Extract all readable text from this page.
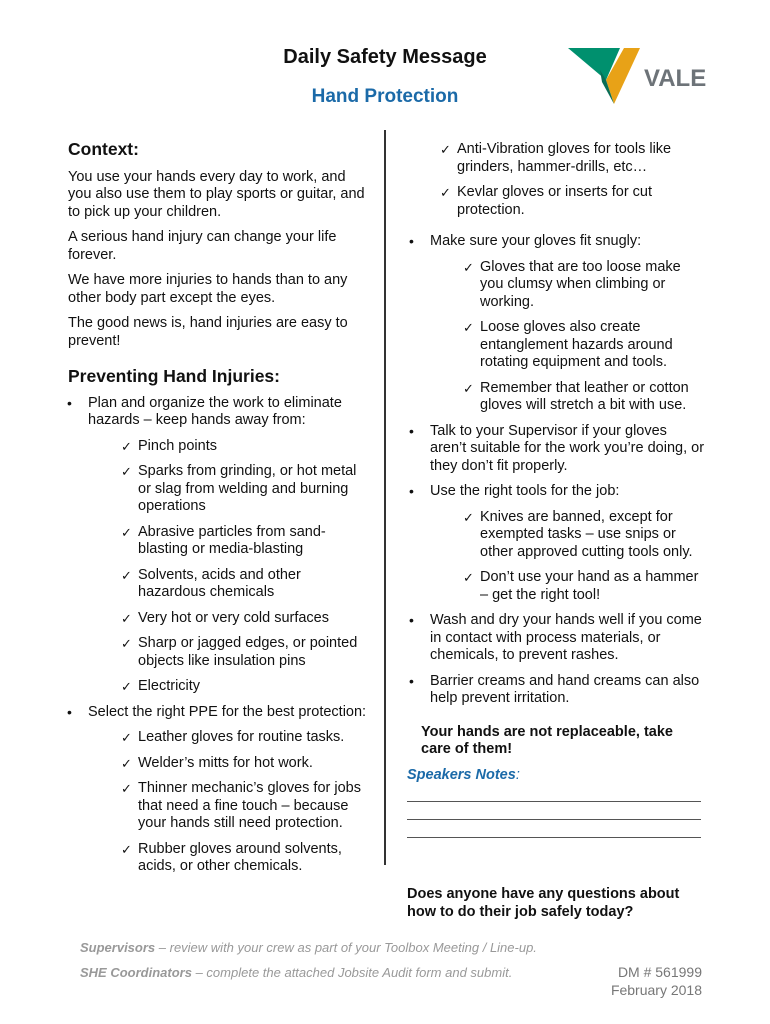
Daily Safety Message
Hand Protection
VALE
Context:

You use your hands every day to work, and you also use them to play sports or guitar, and to pick up your children.

A serious hand injury can change your life forever.

We have more injuries to hands than to any other body part except the eyes.

The good news is, hand injuries are easy to prevent!

Preventing Hand Injuries:
• Plan and organize the work to eliminate hazards – keep hands away from:
✓ Pinch points
✓ Sparks from grinding, or hot metal or slag from welding and burning operations
✓ Abrasive particles from sand-blasting or media-blasting
✓ Solvents, acids and other hazardous chemicals
✓ Very hot or very cold surfaces
✓ Sharp or jagged edges, or pointed objects like insulation pins
✓ Electricity
• Select the right PPE for the best protection:
✓ Leather gloves for routine tasks.
✓ Welder’s mitts for hot work.
✓ Thinner mechanic’s gloves for jobs that need a fine touch – because your hands still need protection.
✓ Rubber gloves around solvents, acids, or other chemicals.
✓ Anti-Vibration gloves for tools like grinders, hammer-drills, etc…
✓ Kevlar gloves or inserts for cut protection.
• Make sure your gloves fit snugly:
✓ Gloves that are too loose make you clumsy when climbing or working.
✓ Loose gloves also create entanglement hazards around rotating equipment and tools.
✓ Remember that leather or cotton gloves will stretch a bit with use.
• Talk to your Supervisor if your gloves aren’t suitable for the work you’re doing, or they don’t fit properly.
• Use the right tools for the job:
✓ Knives are banned, except for exempted tasks – use snips or other approved cutting tools only.
✓ Don’t use your hand as a hammer – get the right tool!
• Wash and dry your hands well if you come in contact with process materials, or chemicals, to prevent rashes.
• Barrier creams and hand creams can also help prevent irritation.

Your hands are not replaceable, take care of them!

Speakers Notes:
Does anyone have any questions about how to do their job safely today?
Supervisors – review with your crew as part of your Toolbox Meeting / Line-up.
SHE Coordinators – complete the attached Jobsite Audit form and submit.	DM # 561999
February 2018
